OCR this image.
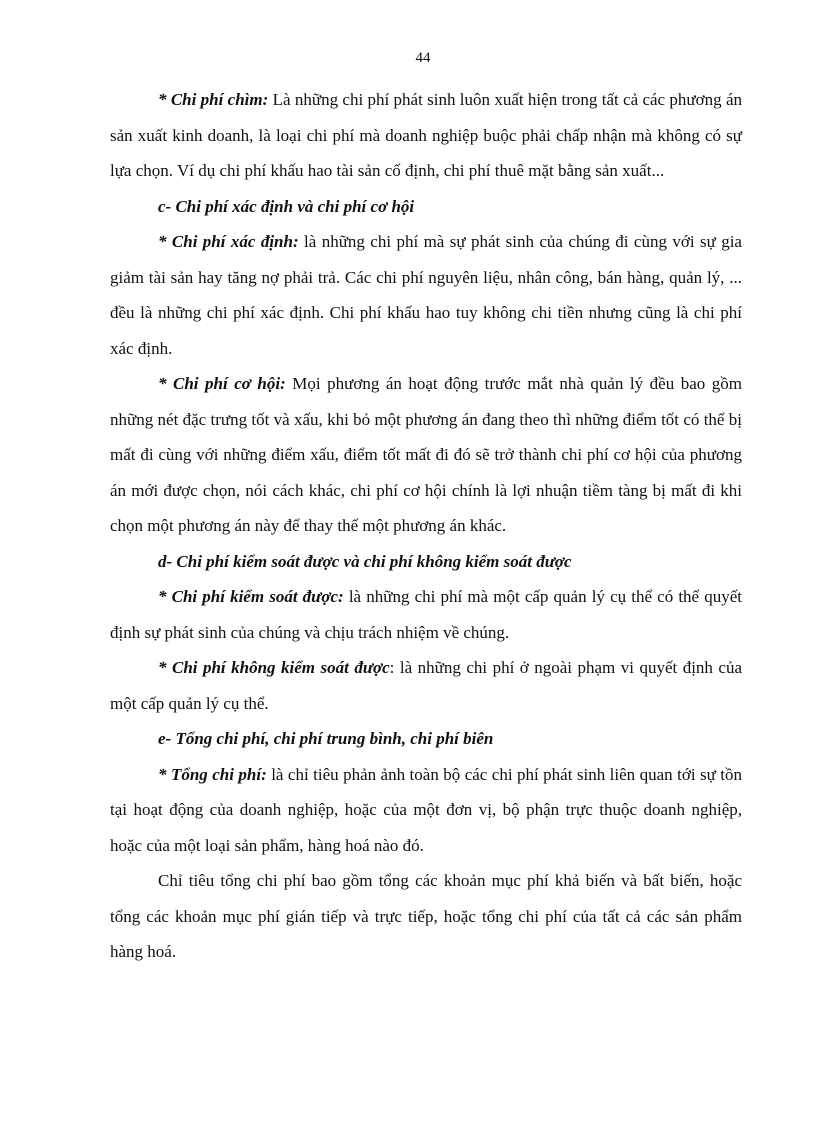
44

* Chi phí chìm: Là những chi phí phát sinh luôn xuất hiện trong tất cả các phương án sản xuất kinh doanh, là loại chi phí mà doanh nghiệp buộc phải chấp nhận mà không có sự lựa chọn. Ví dụ chi phí khấu hao tài sản cố định, chi phí thuê mặt bằng sản xuất...

c- Chi phí xác định và chi phí cơ hội

* Chi phí xác định: là những chi phí mà sự phát sinh của chúng đi cùng với sự gia giảm tài sản hay tăng nợ phải trả. Các chi phí nguyên liệu, nhân công, bán hàng, quản lý, ... đều là những chi phí xác định. Chi phí khấu hao tuy không chi tiền nhưng cũng là chi phí xác định.

* Chi phí cơ hội: Mọi phương án hoạt động trước mắt nhà quản lý đều bao gồm những nét đặc trưng tốt và xấu, khi bỏ một phương án đang theo thì những điểm tốt có thể bị mất đi cùng với những điểm xấu, điểm tốt mất đi đó sẽ trở thành chi phí cơ hội của phương án mới được chọn, nói cách khác, chi phí cơ hội chính là lợi nhuận tiềm tàng bị mất đi khi chọn một phương án này để thay thế một phương án khác.

d- Chi phí kiểm soát được và chi phí không kiểm soát được

* Chi phí kiểm soát được: là những chi phí mà một cấp quản lý cụ thể có thể quyết định sự phát sinh của chúng và chịu trách nhiệm về chúng.

* Chi phí không kiểm soát được: là những chi phí ở ngoài phạm vi quyết định của một cấp quản lý cụ thể.

e- Tổng chi phí, chi phí trung bình, chi phí biên

* Tổng chi phí: là chỉ tiêu phản ảnh toàn bộ các chi phí phát sinh liên quan tới sự tồn tại hoạt động của doanh nghiệp, hoặc của một đơn vị, bộ phận trực thuộc doanh nghiệp, hoặc của một loại sản phẩm, hàng hoá nào đó.

Chỉ tiêu tổng chi phí bao gồm tổng các khoản mục phí khả biến và bất biến, hoặc tổng các khoản mục phí gián tiếp và trực tiếp, hoặc tổng chi phí của tất cả các sản phẩm hàng hoá.
